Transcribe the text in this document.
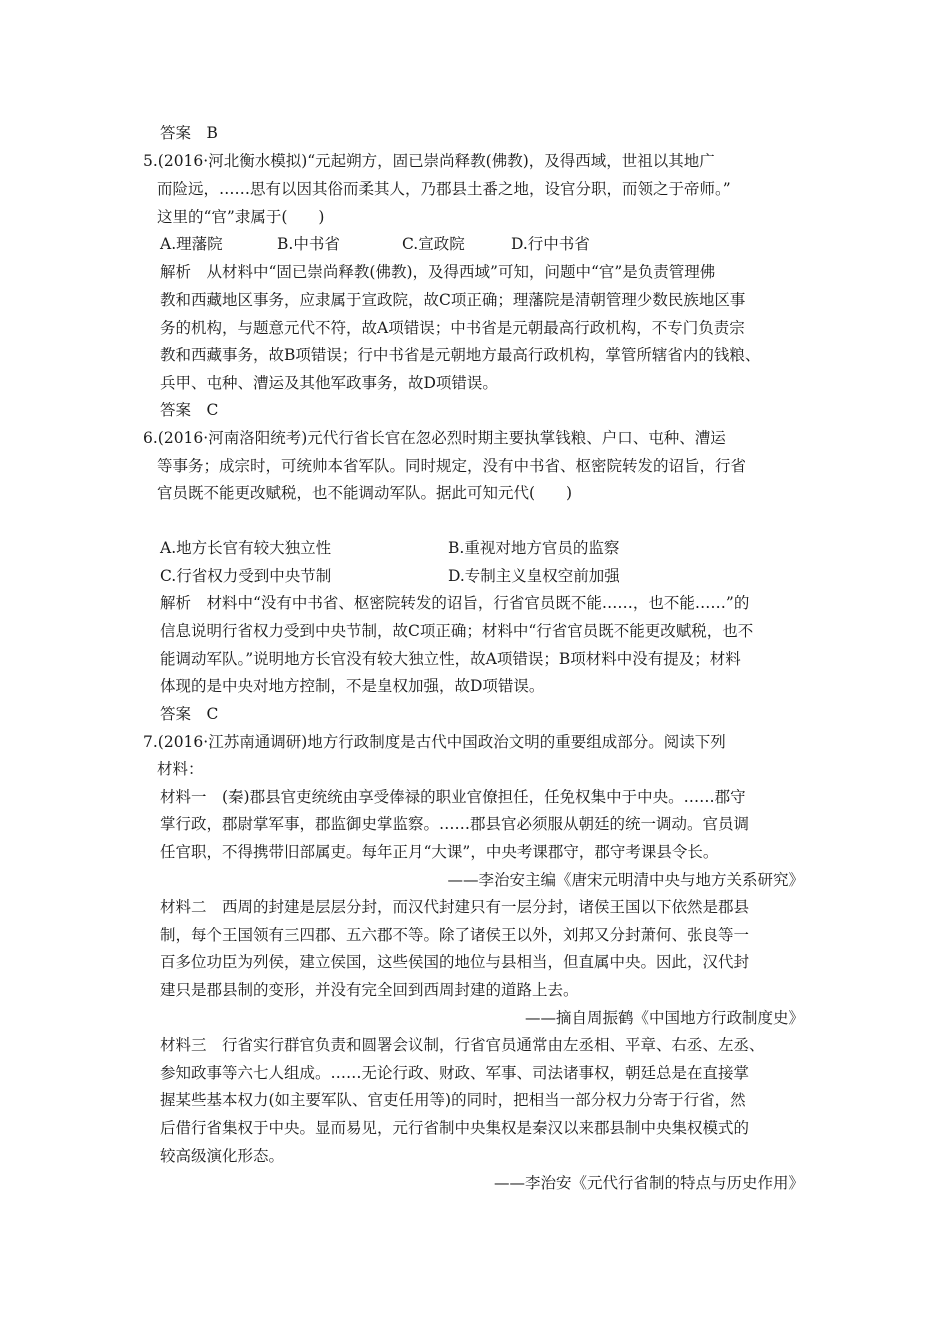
答案　B
5.(2016·河北衡水模拟)“元起朔方，固已崇尚释教(佛教)，及得西域，世祖以其地广
而险远，……思有以因其俗而柔其人，乃郡县土番之地，设官分职，而领之于帝师。”
这里的“官”隶属于(　　)
A.理藩院	B.中书省	C.宣政院	D.行中书省
解析　从材料中“固已崇尚释教(佛教)，及得西域”可知，问题中“官”是负责管理佛
教和西藏地区事务，应隶属于宣政院，故C项正确；理藩院是清朝管理少数民族地区事
务的机构，与题意元代不符，故A项错误；中书省是元朝最高行政机构，不专门负责宗
教和西藏事务，故B项错误；行中书省是元朝地方最高行政机构，掌管所辖省内的钱粮、
兵甲、屯种、漕运及其他军政事务，故D项错误。
答案　C
6.(2016·河南洛阳统考)元代行省长官在忽必烈时期主要执掌钱粮、户口、屯种、漕运
等事务；成宗时，可统帅本省军队。同时规定，没有中书省、枢密院转发的诏旨，行省
官员既不能更改赋税，也不能调动军队。据此可知元代(　　)
A.地方长官有较大独立性	B.重视对地方官员的监察
C.行省权力受到中央节制	D.专制主义皇权空前加强
解析　材料中“没有中书省、枢密院转发的诏旨，行省官员既不能……，也不能……”的
信息说明行省权力受到中央节制，故C项正确；材料中“行省官员既不能更改赋税，也不
能调动军队。”说明地方长官没有较大独立性，故A项错误；B项材料中没有提及；材料
体现的是中央对地方控制，不是皇权加强，故D项错误。
答案　C
7.(2016·江苏南通调研)地方行政制度是古代中国政治文明的重要组成部分。阅读下列
材料：
材料一　(秦)郡县官吏统统由享受俸禄的职业官僚担任，任免权集中于中央。……郡守
掌行政，郡尉掌军事，郡监御史掌监察。……郡县官必须服从朝廷的统一调动。官员调
任官职，不得携带旧部属吏。每年正月“大课”，中央考课郡守，郡守考课县令长。
——李治安主编《唐宋元明清中央与地方关系研究》
材料二　西周的封建是层层分封，而汉代封建只有一层分封，诸侯王国以下依然是郡县
制，每个王国领有三四郡、五六郡不等。除了诸侯王以外，刘邦又分封萧何、张良等一
百多位功臣为列侯，建立侯国，这些侯国的地位与县相当，但直属中央。因此，汉代封
建只是郡县制的变形，并没有完全回到西周封建的道路上去。
——摘自周振鹤《中国地方行政制度史》
材料三　行省实行群官负责和圆署会议制，行省官员通常由左丞相、平章、右丞、左丞、
参知政事等六七人组成。……无论行政、财政、军事、司法诸事权，朝廷总是在直接掌
握某些基本权力(如主要军队、官吏任用等)的同时，把相当一部分权力分寄于行省，然
后借行省集权于中央。显而易见，元行省制中央集权是秦汉以来郡县制中央集权模式的
较高级演化形态。
——李治安《元代行省制的特点与历史作用》
